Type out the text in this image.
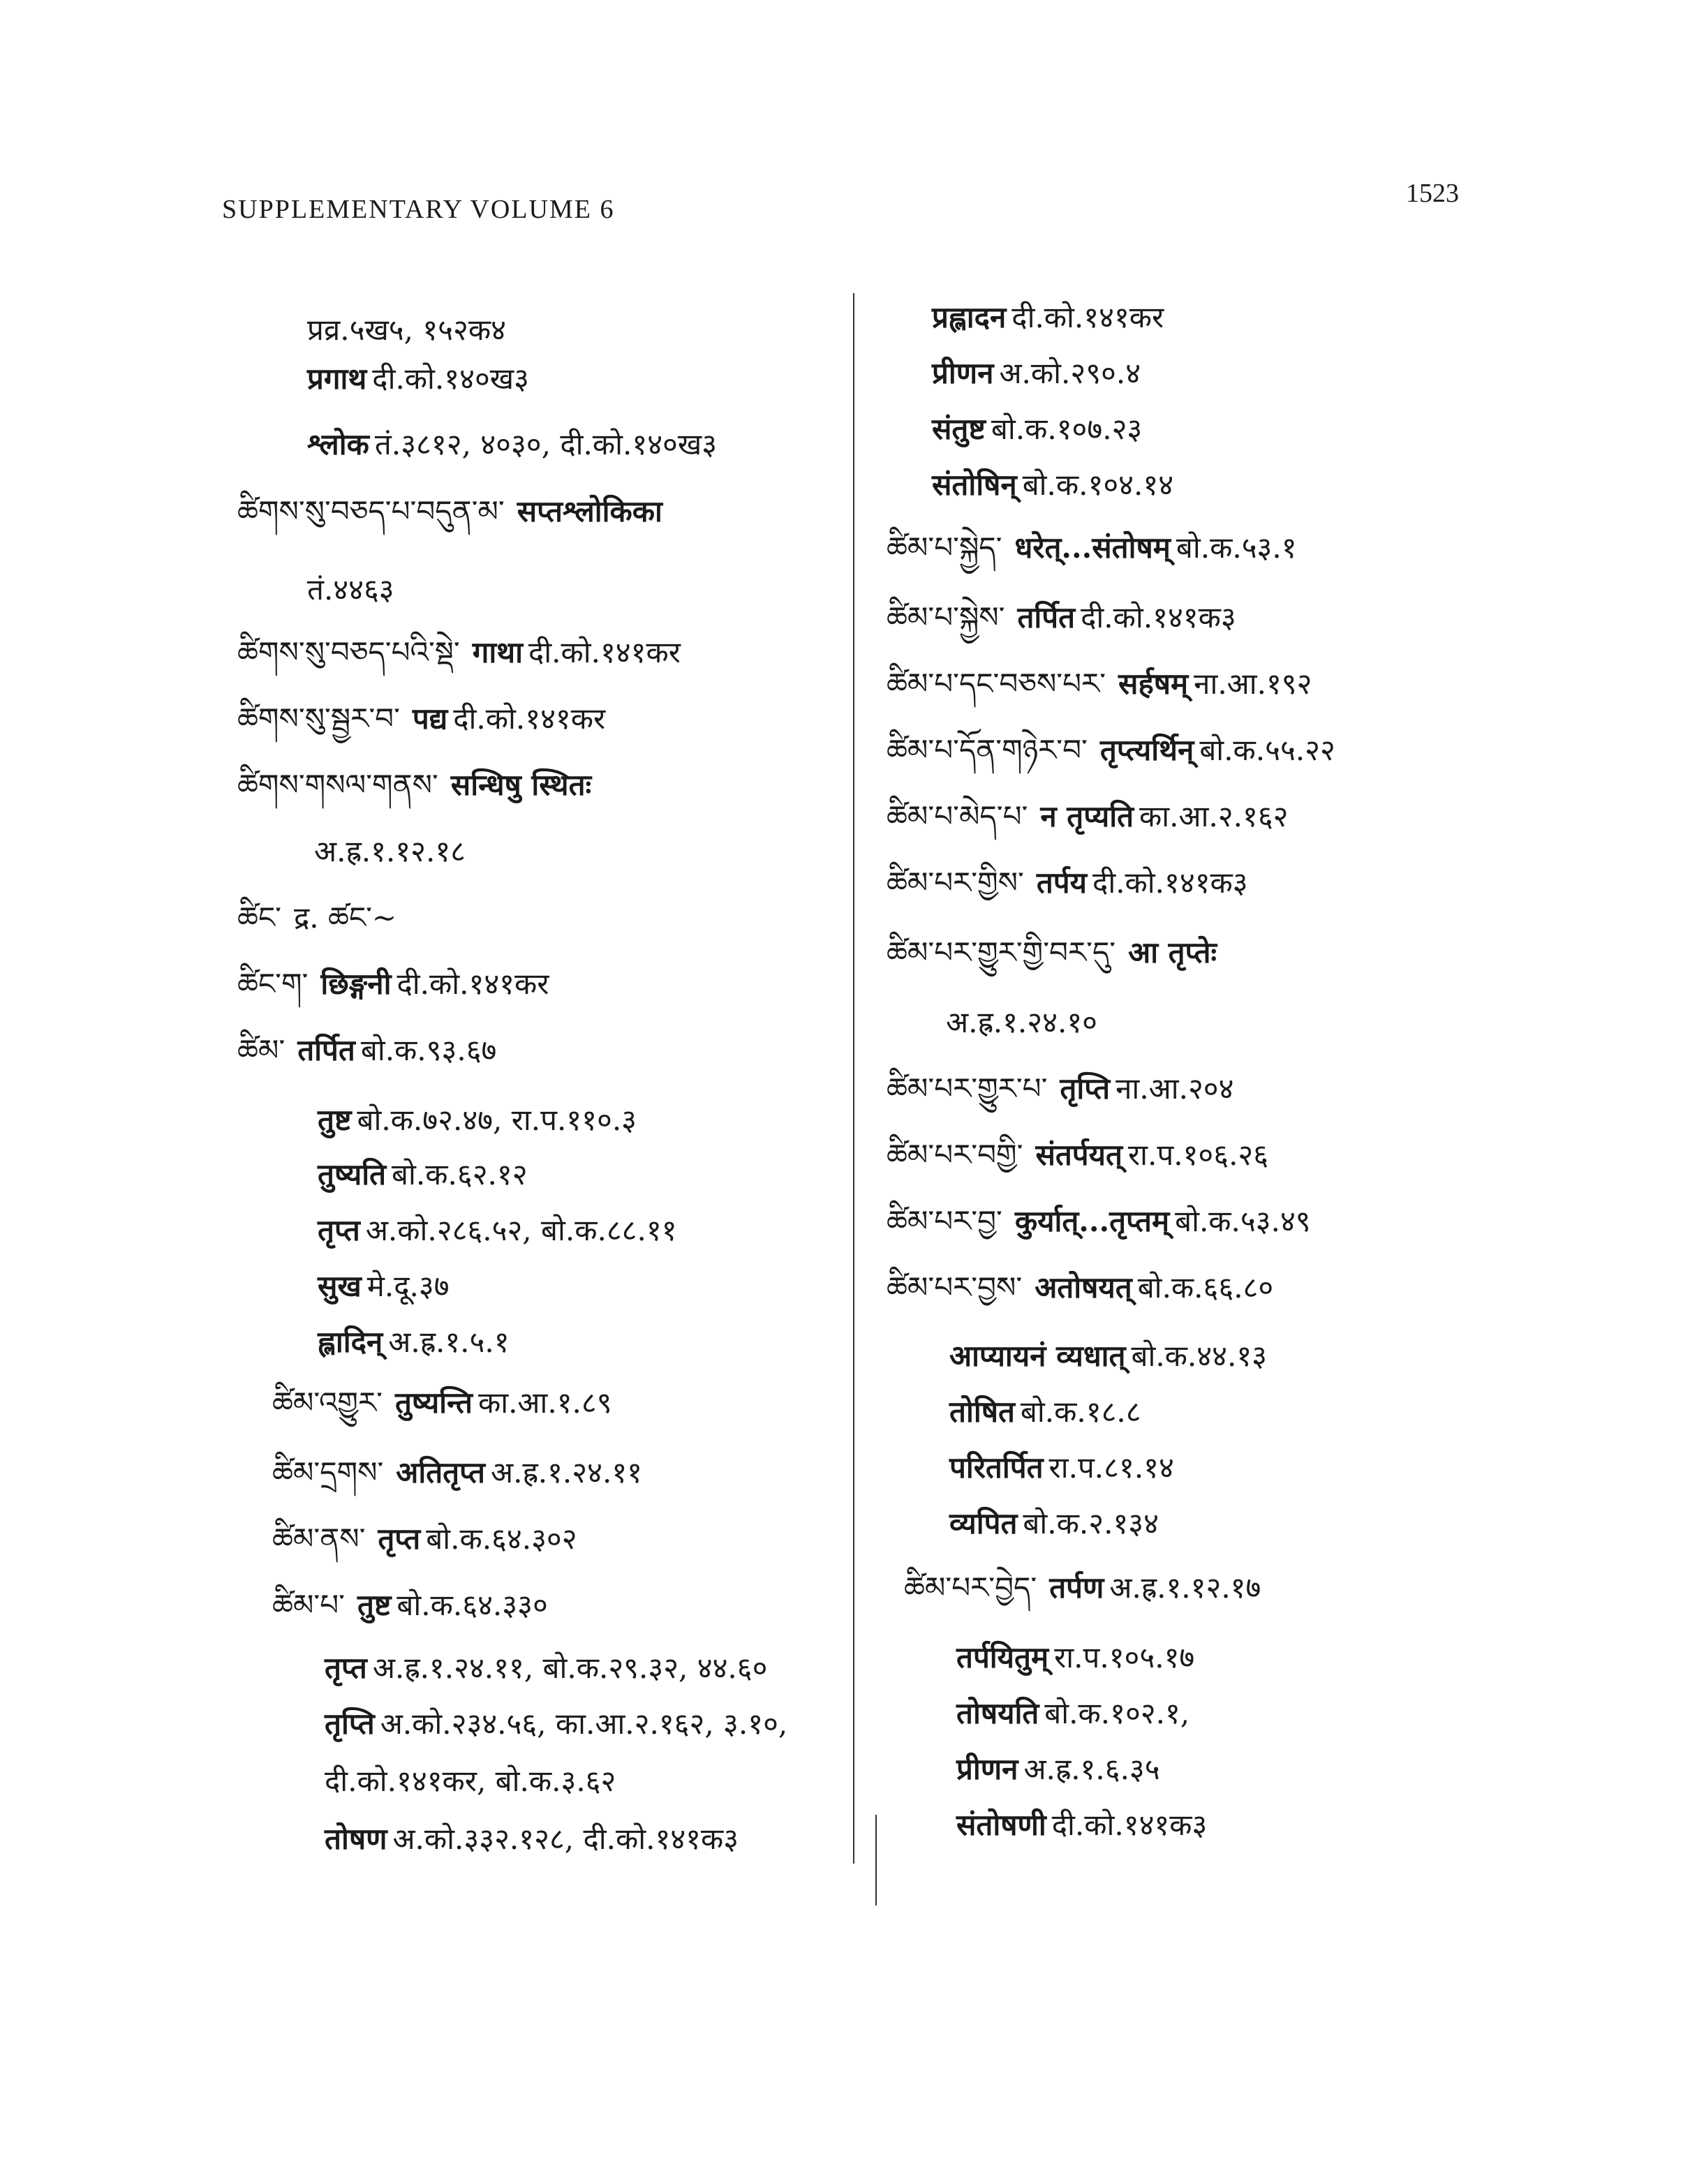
SUPPLEMENTARY VOLUME 6
1523
प्रव्र.५ख५, १५२क४
प्रगाथ दी.को.१४०ख३
श्लोक तं.३८१२, ४०३०, दी.को.१४०ख३
ཚིགས་སུ་བཅད་པ་བདུན་མ་ सप्तश्लोकिका
तं.४४६३
ཚིགས་སུ་བཅད་པའི་སྡེ་ गाथा दी.को.१४१कर
ཚིགས་སུ་སྦྱར་བ་ पद्य दी.को.१४१कर
ཚིགས་གསལ་གནས་ सन्धिषु स्थितः
अ.ह्र.१.१२.१८
ཚིང་ द्र. ཚང་~
ཚིང་ག་ छिङ्गनी दी.को.१४१कर
ཚིམ་ तर्पित बो.क.९३.६७
तुष्ट बो.क.७२.४७, रा.प.११०.३
तुष्यति बो.क.६२.१२
तृप्त अ.को.२८६.५२, बो.क.८८.११
सुख मे.दू.३७
ह्लादिन् अ.ह्र.१.५.१
ཚིམ་འགྱུར་ तुष्यन्ति का.आ.१.८९
ཚིམ་དྲགས་ अतितृप्त अ.ह्र.१.२४.११
ཚིམ་ནས་ तृप्त बो.क.६४.३०२
ཚིམ་པ་ तुष्ट बो.क.६४.३३०
तृप्त अ.ह्र.१.२४.११, बो.क.२९.३२, ४४.६०
तृप्ति अ.को.२३४.५६, का.आ.२.१६२, ३.१०,
दी.को.१४१कर, बो.क.३.६२
तोषण अ.को.३३२.१२८, दी.को.१४१क३
प्रह्लादन दी.को.१४१कर
प्रीणन अ.को.२९०.४
संतुष्ट बो.क.१०७.२३
संतोषिन् बो.क.१०४.१४
ཚིམ་པ་སྐྱེད་ धरेत्...संतोषम् बो.क.५३.१
ཚིམ་པ་སྐྱེས་ तर्पित दी.को.१४१क३
ཚིམ་པ་དང་བཅས་པར་ सर्हषम् ना.आ.१९२
ཚིམ་པ་དོན་གཉེར་བ་ तृप्त्यर्थिन् बो.क.५५.२२
ཚིམ་པ་མེད་པ་ न तृप्यति का.आ.२.१६२
ཚིམ་པར་གྱིས་ तर्पय दी.को.१४१क३
ཚིམ་པར་གྱུར་གྱི་བར་དུ་ आ तृप्तेः
अ.ह्र.१.२४.१०
ཚིམ་པར་གྱུར་པ་ तृप्ति ना.आ.२०४
ཚིམ་པར་བགྱི་ संतर्पयत् रा.प.१०६.२६
ཚིམ་པར་བྱ་ कुर्यात्...तृप्तम् बो.क.५३.४९
ཚིམ་པར་བྱས་ अतोषयत् बो.क.६६.८०
आप्यायनं व्यधात् बो.क.४४.१३
तोषित बो.क.१८.८
परितर्पित रा.प.८१.१४
व्यपित बो.क.२.१३४
ཚིམ་པར་བྱེད་ तर्पण अ.ह्र.१.१२.१७
तर्पयितुम् रा.प.१०५.१७
तोषयति बो.क.१०२.१,
प्रीणन अ.ह्र.१.६.३५
संतोषणी दी.को.१४१क३
